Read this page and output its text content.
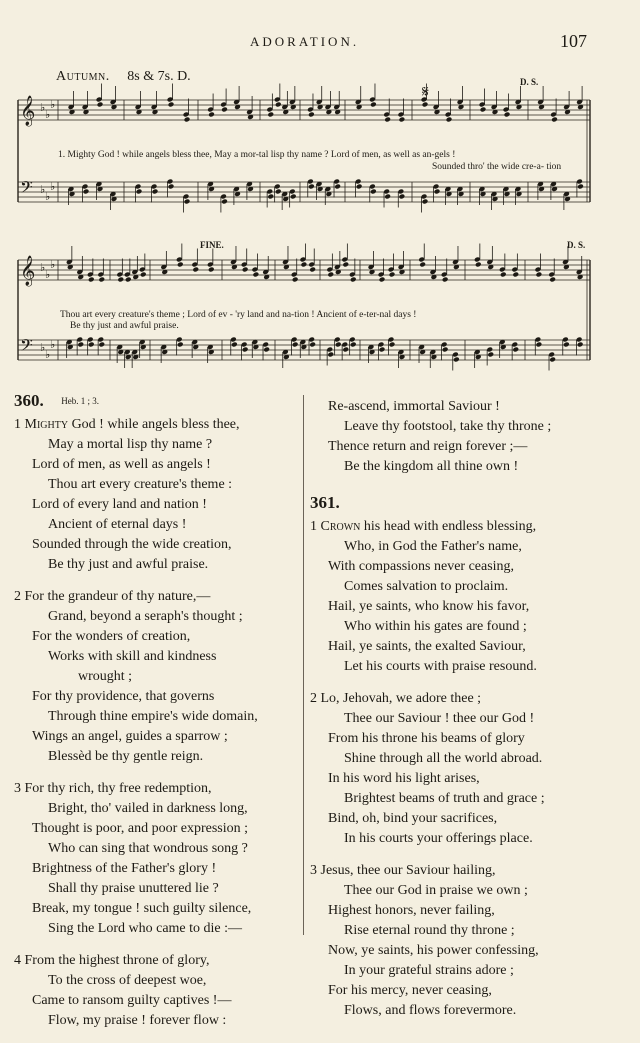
ADORATION.	107
Autumn. 8s & 7s. D.
𝄞 ♭
♭
♭
𝄢 ♭
♭
♭
𝄞 ♭
♭
♭
𝄢 ♭
♭
♭
𝄋	D. S.
FINE.	D. S.
1. Mighty God ! while angels bless thee, May a mor-tal lisp thy name ? Lord of men, as well as an-gels !
Sounded thro' the wide cre-a- tion
Thou art every creature's theme ; Lord of ev - 'ry land and na-tion ! Ancient of e-ter-nal days !
Be thy just and awful praise.
360. Heb. 1 ; 3.
1 Mighty God ! while angels bless thee,
May a mortal lisp thy name ?
Lord of men, as well as angels !
Thou art every creature's theme :
Lord of every land and nation !
Ancient of eternal days !
Sounded through the wide creation,
Be thy just and awful praise.
2 For the grandeur of thy nature,—
Grand, beyond a seraph's thought ;
For the wonders of creation,
Works with skill and kindness
wrought ;
For thy providence, that governs
Through thine empire's wide domain,
Wings an angel, guides a sparrow ;
Blessèd be thy gentle reign.
3 For thy rich, thy free redemption,
Bright, tho' vailed in darkness long,
Thought is poor, and poor expression ;
Who can sing that wondrous song ?
Brightness of the Father's glory !
Shall thy praise unuttered lie ?
Break, my tongue ! such guilty silence,
Sing the Lord who came to die :—
4 From the highest throne of glory,
To the cross of deepest woe,
Came to ransom guilty captives !—
Flow, my praise ! forever flow :
Re-ascend, immortal Saviour !
Leave thy footstool, take thy throne ;
Thence return and reign forever ;—
Be the kingdom all thine own !
361.
1 Crown his head with endless blessing,
Who, in God the Father's name,
With compassions never ceasing,
Comes salvation to proclaim.
Hail, ye saints, who know his favor,
Who within his gates are found ;
Hail, ye saints, the exalted Saviour,
Let his courts with praise resound.
2 Lo, Jehovah, we adore thee ;
Thee our Saviour ! thee our God !
From his throne his beams of glory
Shine through all the world abroad.
In his word his light arises,
Brightest beams of truth and grace ;
Bind, oh, bind your sacrifices,
In his courts your offerings place.
3 Jesus, thee our Saviour hailing,
Thee our God in praise we own ;
Highest honors, never failing,
Rise eternal round thy throne ;
Now, ye saints, his power confessing,
In your grateful strains adore ;
For his mercy, never ceasing,
Flows, and flows forevermore.
